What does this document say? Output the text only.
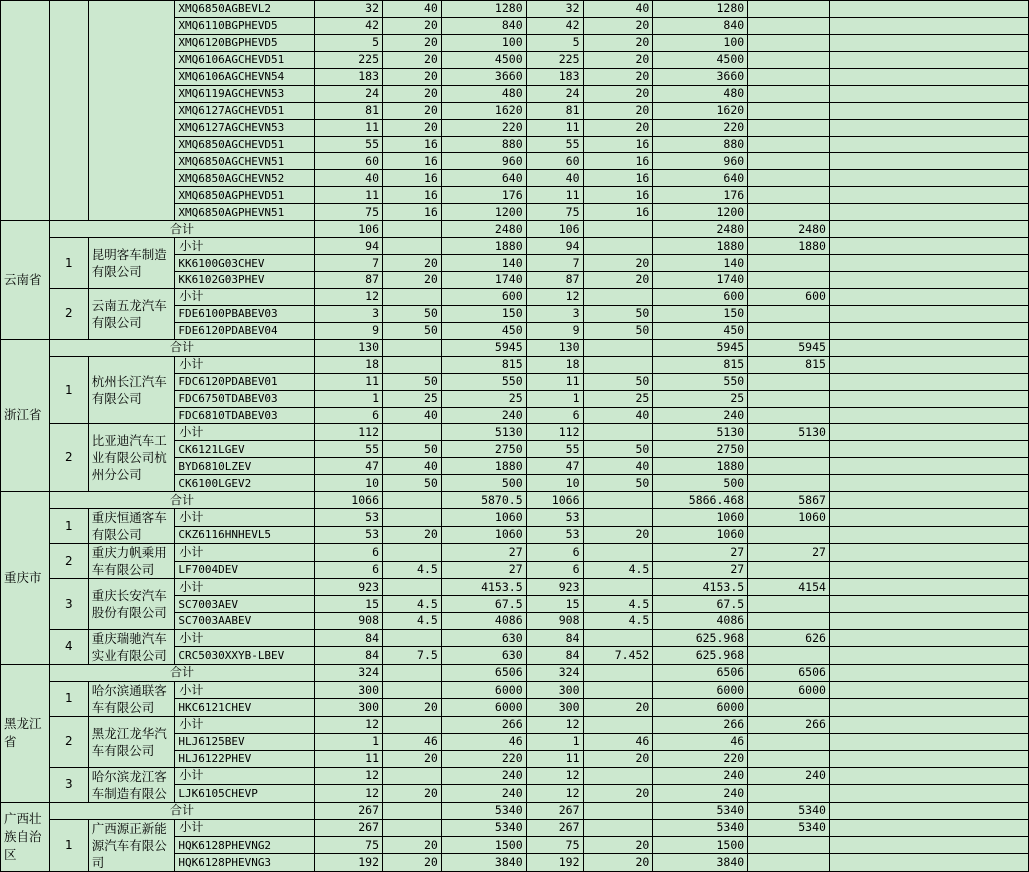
			XMQ6850AGBEVL2	32	40	1280	32	40	1280		
			XMQ6110BGPHEVD5	42	20	840	42	20	840		
			XMQ6120BGPHEVD5	5	20	100	5	20	100		
			XMQ6106AGCHEVD51	225	20	4500	225	20	4500		
			XMQ6106AGCHEVN54	183	20	3660	183	20	3660		
			XMQ6119AGCHEVN53	24	20	480	24	20	480		
			XMQ6127AGCHEVD51	81	20	1620	81	20	1620		
			XMQ6127AGCHEVN53	11	20	220	11	20	220		
			XMQ6850AGCHEVD51	55	16	880	55	16	880		
			XMQ6850AGCHEVN51	60	16	960	60	16	960		
			XMQ6850AGCHEVN52	40	16	640	40	16	640		
			XMQ6850AGPHEVD51	11	16	176	11	16	176		
			XMQ6850AGPHEVN51	75	16	1200	75	16	1200		
云南省	合计			106		2480	106		2480	2480	
	1	昆明客车制造有限公司	小计	94		1880	94		1880	1880	
			KK6100G03CHEV	7	20	140	7	20	140		
			KK6102G03PHEV	87	20	1740	87	20	1740		
	2	云南五龙汽车有限公司	小计	12		600	12		600	600	
			FDE6100PBABEV03	3	50	150	3	50	150		
			FDE6120PDABEV04	9	50	450	9	50	450		
浙江省	合计			130		5945	130		5945	5945	
	1	杭州长江汽车有限公司	小计	18		815	18		815	815	
			FDC6120PDABEV01	11	50	550	11	50	550		
			FDC6750TDABEV03	1	25	25	1	25	25		
			FDC6810TDABEV03	6	40	240	6	40	240		
	2	比亚迪汽车工业有限公司杭州分公司	小计	112		5130	112		5130	5130	
			CK6121LGEV	55	50	2750	55	50	2750		
			BYD6810LZEV	47	40	1880	47	40	1880		
			CK6100LGEV2	10	50	500	10	50	500		
重庆市	合计			1066		5870.5	1066		5866.468	5867	
	1	重庆恒通客车有限公司	小计	53		1060	53		1060	1060	
			CKZ6116HNHEVL5	53	20	1060	53	20	1060		
	2	重庆力帆乘用车有限公司	小计	6		27	6		27	27	
			LF7004DEV	6	4.5	27	6	4.5	27		
	3	重庆长安汽车股份有限公司	小计	923		4153.5	923		4153.5	4154	
			SC7003AEV	15	4.5	67.5	15	4.5	67.5		
			SC7003AABEV	908	4.5	4086	908	4.5	4086		
	4	重庆瑞驰汽车实业有限公司	小计	84		630	84		625.968	626	
			CRC5030XXYB-LBEV	84	7.5	630	84	7.452	625.968		
黑龙江省	合计			324		6506	324		6506	6506	
	1	哈尔滨通联客车有限公司	小计	300		6000	300		6000	6000	
			HKC6121CHEV	300	20	6000	300	20	6000		
	2	黑龙江龙华汽车有限公司	小计	12		266	12		266	266	
			HLJ6125BEV	1	46	46	1	46	46		
			HLJ6122PHEV	11	20	220	11	20	220		
	3	哈尔滨龙江客车制造有限公	小计	12		240	12		240	240	
			LJK6105CHEVP	12	20	240	12	20	240		
广西壮族自治区	合计			267		5340	267		5340	5340	
	1	广西源正新能源汽车有限公司	小计	267		5340	267		5340	5340	
			HQK6128PHEVNG2	75	20	1500	75	20	1500		
			HQK6128PHEVNG3	192	20	3840	192	20	3840		
